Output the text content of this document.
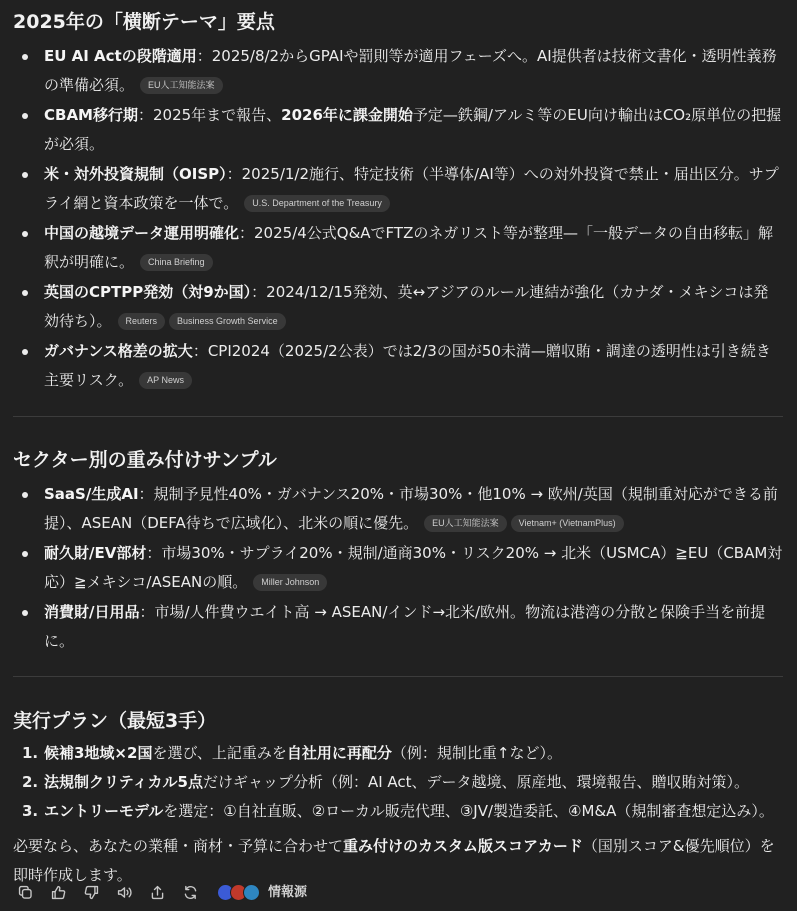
2025年の「横断テーマ」要点
EU AI Actの段階適用：2025/8/2からGPAIや罰則等が適用フェーズへ。AI提供者は技術文書化・透明性義務の準備必須。 EU人工知能法案
CBAM移行期：2025年まで報告、2026年に課金開始予定—鉄鋼/アルミ等のEU向け輸出はCO₂原単位の把握が必須。
米・対外投資規制（OISP）：2025/1/2施行、特定技術（半導体/AI等）への対外投資で禁止・届出区分。サプライ網と資本政策を一体で。 U.S. Department of the Treasury
中国の越境データ運用明確化：2025/4公式Q&AでFTZのネガリスト等が整理—「一般データの自由移転」解釈が明確に。 China Briefing
英国のCPTPP発効（対9か国）：2024/12/15発効、英↔アジアのルール連結が強化（カナダ・メキシコは発効待ち）。 Reuters Business Growth Service
ガバナンス格差の拡大：CPI2024（2025/2公表）では2/3の国が50未満—贈収賄・調達の透明性は引き続き主要リスク。 AP News
セクター別の重み付けサンプル
SaaS/生成AI：規制予見性40%・ガバナンス20%・市場30%・他10% → 欧州/英国（規制重対応ができる前提）、ASEAN（DEFA待ちで広域化）、北米の順に優先。 EU人工知能法案 Vietnam+ (VietnamPlus)
耐久財/EV部材：市場30%・サプライ20%・規制/通商30%・リスク20% → 北米（USMCA）≧EU（CBAM対応）≧メキシコ/ASEANの順。 Miller Johnson
消費財/日用品：市場/人件費ウエイト高 → ASEAN/インド→北米/欧州。物流は港湾の分散と保険手当を前提に。
実行プラン（最短3手）
1. 候補3地域×2国を選び、上記重みを自社用に再配分（例：規制比重↑など）。
2. 法規制クリティカル5点だけギャップ分析（例：AI Act、データ越境、原産地、環境報告、贈収賄対策）。
3. エントリーモデルを選定：①自社直販、②ローカル販売代理、③JV/製造委託、④M&A（規制審査想定込み）。

必要なら、あなたの業種・商材・予算に合わせて重み付けのカスタム版スコアカード（国別スコア&優先順位）を即時作成します。

情報源
